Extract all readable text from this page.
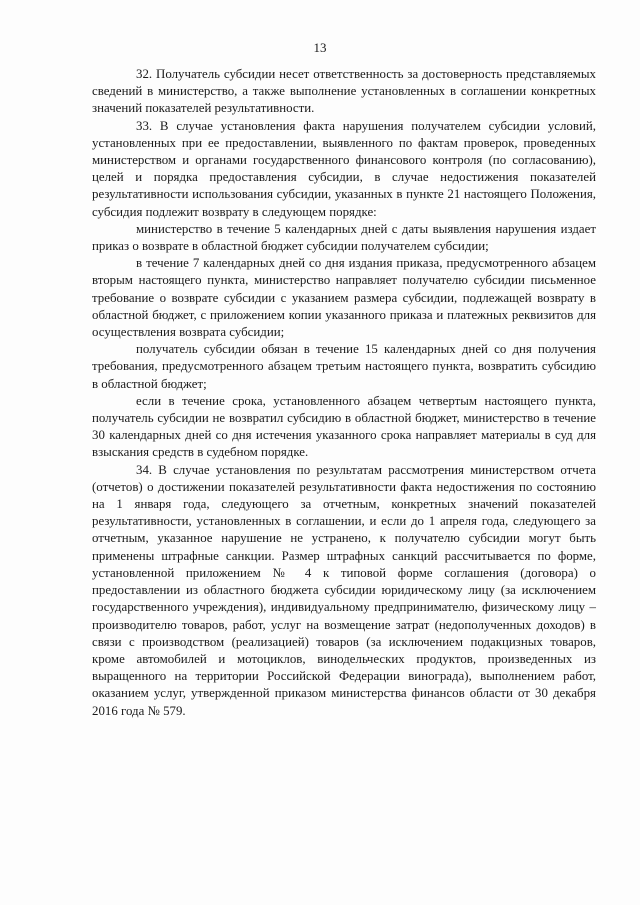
13

32. Получатель субсидии несет ответственность за достоверность представляемых сведений в министерство, а также выполнение установленных в соглашении конкретных значений показателей результативности.

33. В случае установления факта нарушения получателем субсидии условий, установленных при ее предоставлении, выявленного по фактам проверок, проведенных министерством и органами государственного финансового контроля (по согласованию), целей и порядка предоставления субсидии, в случае недостижения показателей результативности использования субсидии, указанных в пункте 21 настоящего Положения, субсидия подлежит возврату в следующем порядке:

министерство в течение 5 календарных дней с даты выявления нарушения издает приказ о возврате в областной бюджет субсидии получателем субсидии;

в течение 7 календарных дней со дня издания приказа, предусмотренного абзацем вторым настоящего пункта, министерство направляет получателю субсидии письменное требование о возврате субсидии с указанием размера субсидии, подлежащей возврату в областной бюджет, с приложением копии указанного приказа и платежных реквизитов для осуществления возврата субсидии;

получатель субсидии обязан в течение 15 календарных дней со дня получения требования, предусмотренного абзацем третьим настоящего пункта, возвратить субсидию в областной бюджет;

если в течение срока, установленного абзацем четвертым настоящего пункта, получатель субсидии не возвратил субсидию в областной бюджет, министерство в течение 30 календарных дней со дня истечения указанного срока направляет материалы в суд для взыскания средств в судебном порядке.

34. В случае установления по результатам рассмотрения министерством отчета (отчетов) о достижении показателей результативности факта недостижения по состоянию на 1 января года, следующего за отчетным, конкретных значений показателей результативности, установленных в соглашении, и если до 1 апреля года, следующего за отчетным, указанное нарушение не устранено, к получателю субсидии могут быть применены штрафные санкции. Размер штрафных санкций рассчитывается по форме, установленной приложением № 4 к типовой форме соглашения (договора) о предоставлении из областного бюджета субсидии юридическому лицу (за исключением государственного учреждения), индивидуальному предпринимателю, физическому лицу – производителю товаров, работ, услуг на возмещение затрат (недополученных доходов) в связи с производством (реализацией) товаров (за исключением подакцизных товаров, кроме автомобилей и мотоциклов, винодельческих продуктов, произведенных из выращенного на территории Российской Федерации винограда), выполнением работ, оказанием услуг, утвержденной приказом министерства финансов области от 30 декабря 2016 года № 579.
